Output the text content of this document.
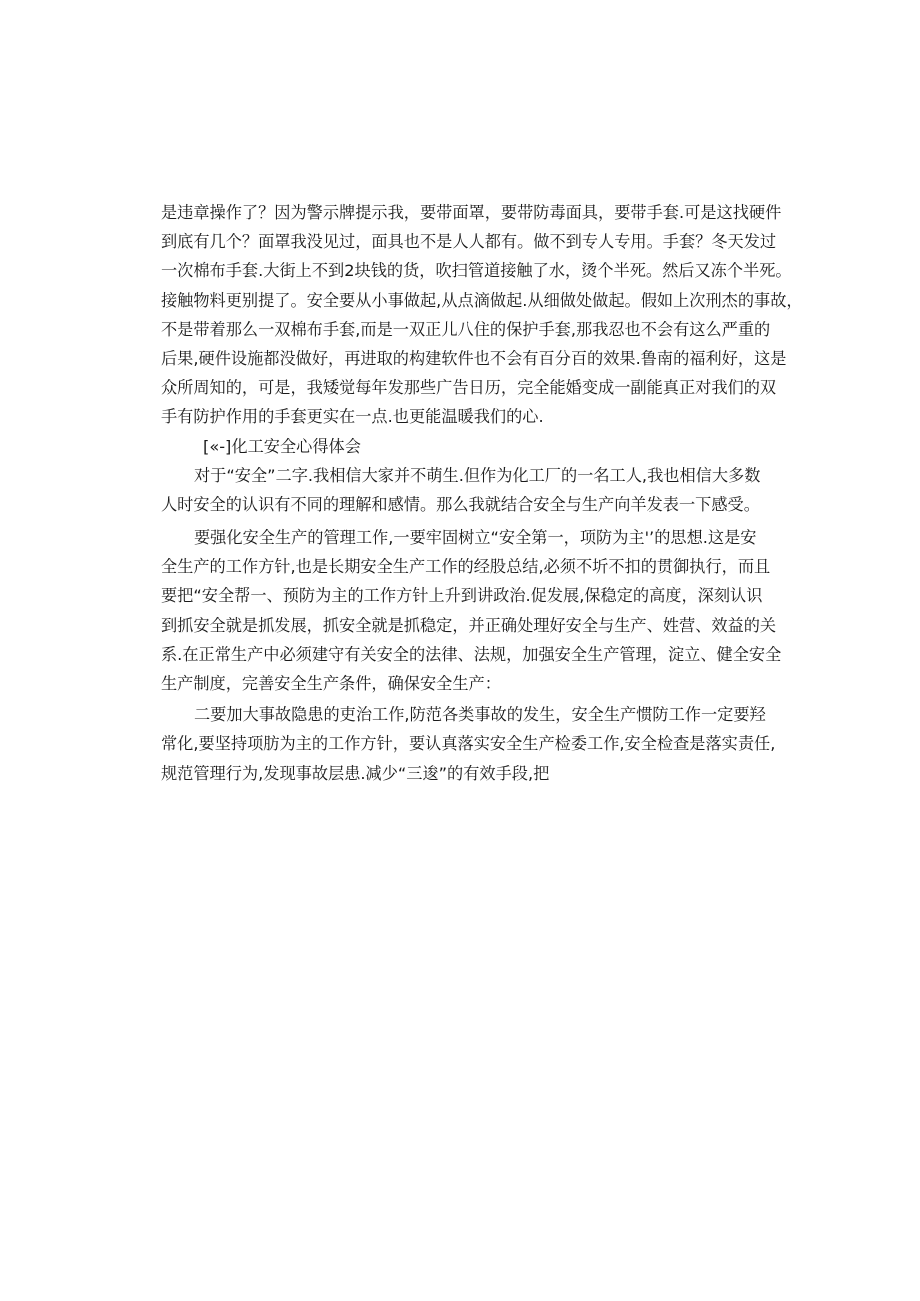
是违章操作了？因为警示牌提示我，要带面罩，要带防毒面具，要带手套.可是这找硬件
到底有几个？面罩我没见过，面具也不是人人都有。做不到专人专用。手套？冬天发过
一次棉布手套.大街上不到2块钱的货，吹扫管道接触了水，烫个半死。然后又冻个半死。
接触物料更别提了。安全要从小事做起,从点滴做起.从细做处做起。假如上次刑杰的事故，
不是带着那么一双棉布手套,而是一双正儿八住的保护手套,那我忍也不会有这么严重的
后果,硬件设施都没做好，再进取的构建软件也不会有百分百的效果.鲁南的福利好，这是
众所周知的，可是，我矮觉每年发那些广告日历，完全能婚变成一副能真正对我们的双
手有防护作用的手套更实在一点.也更能温暖我们的心.
[«-]化工安全心得体会
对于“安全”二字.我相信大家并不萌生.但作为化工厂的一名工人,我也相信大多数
人时安全的认识有不同的理解和感情。那么我就结合安全与生产向羊发表一下感受。
要强化安全生产的管理工作,一要牢固树立“安全第一，项防为主'’的思想.这是安
全生产的工作方针,也是长期安全生产工作的经股总结,必须不圻不扣的贯御执行，而且
要把“安全帮一、预防为主的工作方针上升到讲政治.促发展,保稳定的高度，深刻认识
到抓安全就是抓发展，抓安全就是抓稳定，并正确处理好安全与生产、姓营、效益的关
系.在正常生产中必须建守有关安全的法律、法规，加强安全生产管理，淀立、健全安全
生产制度，完善安全生产条件，确保安全生产：
二要加大事故隐患的吏治工作,防范各类事故的发生，安全生产惯防工作一定要羟
常化,要坚持项肪为主的工作方针，要认真落实安全生产检委工作,安全检查是落实责任,
规范管理行为,发现事故层患.减少“三逡”的有效手段,把
